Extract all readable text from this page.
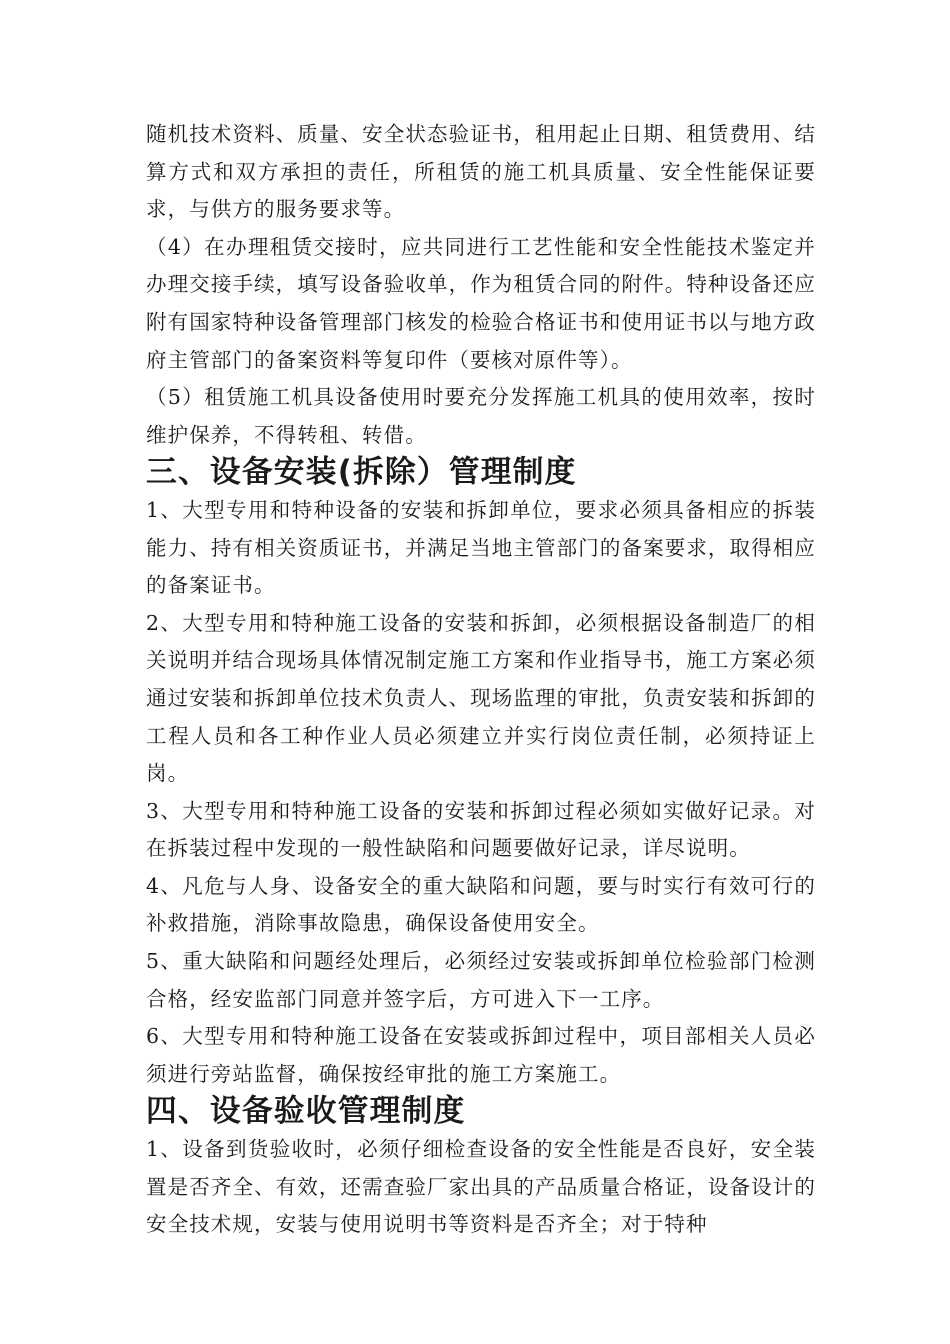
随机技术资料、质量、安全状态验证书，租用起止日期、租赁费用、结算方式和双方承担的责任，所租赁的施工机具质量、安全性能保证要求，与供方的服务要求等。

（4）在办理租赁交接时，应共同进行工艺性能和安全性能技术鉴定并办理交接手续，填写设备验收单，作为租赁合同的附件。特种设备还应附有国家特种设备管理部门核发的检验合格证书和使用证书以与地方政府主管部门的备案资料等复印件（要核对原件等）。

（5）租赁施工机具设备使用时要充分发挥施工机具的使用效率，按时维护保养，不得转租、转借。

三、设备安装(拆除）管理制度

1、大型专用和特种设备的安装和拆卸单位，要求必须具备相应的拆装能力、持有相关资质证书，并满足当地主管部门的备案要求，取得相应的备案证书。

2、大型专用和特种施工设备的安装和拆卸，必须根据设备制造厂的相关说明并结合现场具体情况制定施工方案和作业指导书，施工方案必须通过安装和拆卸单位技术负责人、现场监理的审批，负责安装和拆卸的工程人员和各工种作业人员必须建立并实行岗位责任制，必须持证上岗。

3、大型专用和特种施工设备的安装和拆卸过程必须如实做好记录。对在拆装过程中发现的一般性缺陷和问题要做好记录，详尽说明。

4、凡危与人身、设备安全的重大缺陷和问题，要与时实行有效可行的补救措施，消除事故隐患，确保设备使用安全。

5、重大缺陷和问题经处理后，必须经过安装或拆卸单位检验部门检测合格，经安监部门同意并签字后，方可进入下一工序。

6、大型专用和特种施工设备在安装或拆卸过程中，项目部相关人员必须进行旁站监督，确保按经审批的施工方案施工。

四、设备验收管理制度

1、设备到货验收时，必须仔细检查设备的安全性能是否良好，安全装置是否齐全、有效，还需查验厂家出具的产品质量合格证，设备设计的安全技术规，安装与使用说明书等资料是否齐全；对于特种
